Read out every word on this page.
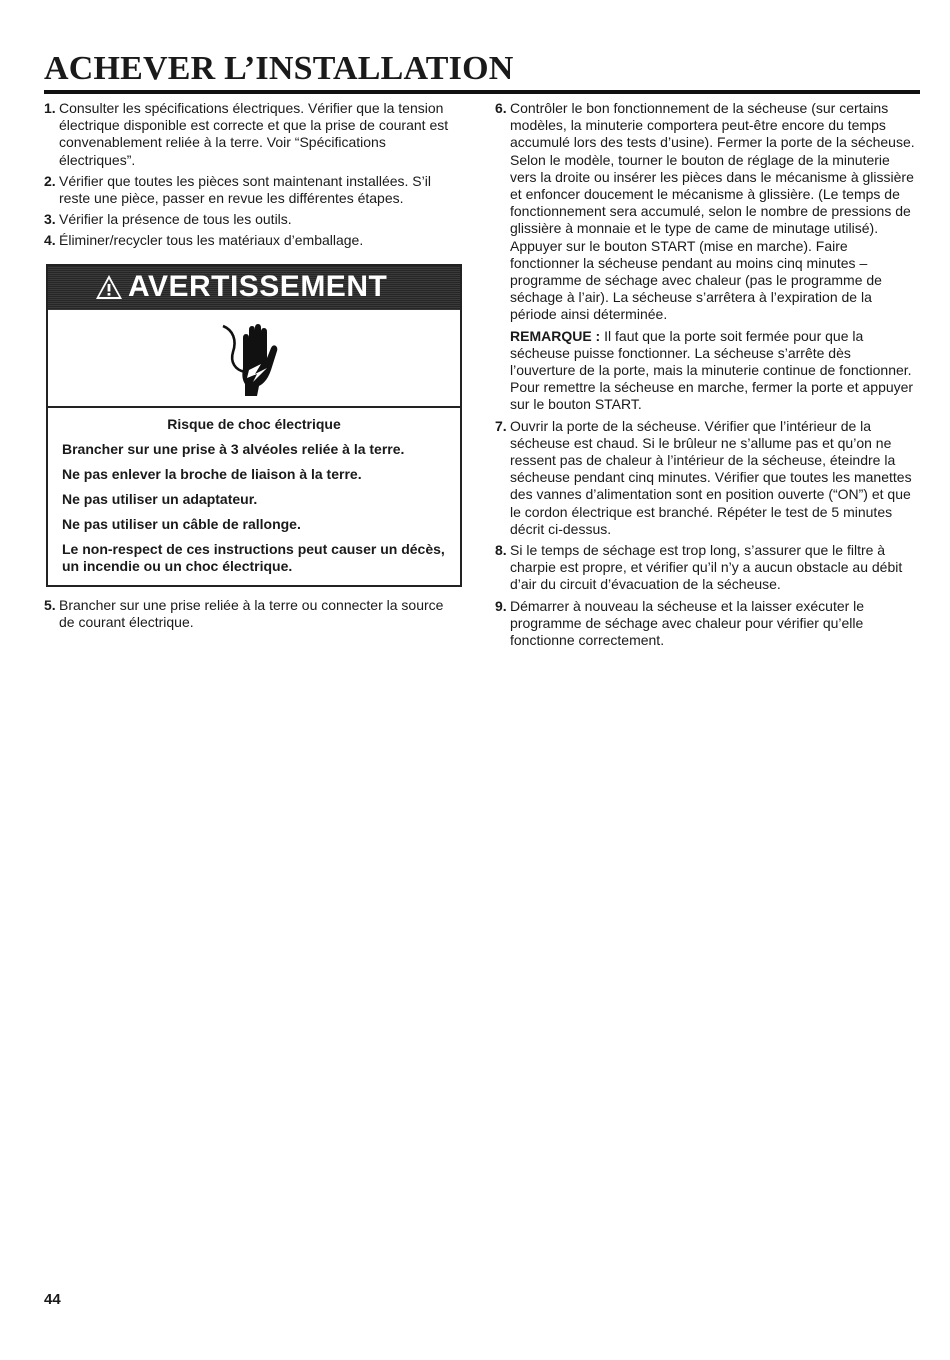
ACHEVER L’INSTALLATION
1. Consulter les spécifications électriques. Vérifier que la tension électrique disponible est correcte et que la prise de courant est convenablement reliée à la terre. Voir “Spécifications électriques”.
2. Vérifier que toutes les pièces sont maintenant installées. S’il reste une pièce, passer en revue les différentes étapes.
3. Vérifier la présence de tous les outils.
4. Éliminer/recycler tous les matériaux d’emballage.
AVERTISSEMENT
Risque de choc électrique
Brancher sur une prise à 3 alvéoles reliée à la terre.
Ne pas enlever la broche de liaison à la terre.
Ne pas utiliser un adaptateur.
Ne pas utiliser un câble de rallonge.
Le non-respect de ces instructions peut causer un décès, un incendie ou un choc électrique.
5. Brancher sur une prise reliée à la terre ou connecter la source de courant électrique.
6. Contrôler le bon fonctionnement de la sécheuse (sur certains modèles, la minuterie comportera peut-être encore du temps accumulé lors des tests d’usine). Fermer la porte de la sécheuse. Selon le modèle, tourner le bouton de réglage de la minuterie vers la droite ou insérer les pièces dans le mécanisme à glissière et enfoncer doucement le mécanisme à glissière. (Le temps de fonctionnement sera accumulé, selon le nombre de pressions de glissière à monnaie et le type de came de minutage utilisé). Appuyer sur le bouton START (mise en marche). Faire fonctionner la sécheuse pendant au moins cinq minutes – programme de séchage avec chaleur (pas le programme de séchage à l’air). La sécheuse s’arrêtera à l’expiration de la période ainsi déterminée.
REMARQUE : Il faut que la porte soit fermée pour que la sécheuse puisse fonctionner. La sécheuse s’arrête dès l’ouverture de la porte, mais la minuterie continue de fonctionner. Pour remettre la sécheuse en marche, fermer la porte et appuyer sur le bouton START.
7. Ouvrir la porte de la sécheuse. Vérifier que l’intérieur de la sécheuse est chaud. Si le brûleur ne s’allume pas et qu’on ne ressent pas de chaleur à l’intérieur de la sécheuse, éteindre la sécheuse pendant cinq minutes. Vérifier que toutes les manettes des vannes d’alimentation sont en position ouverte (“ON”) et que le cordon électrique est branché. Répéter le test de 5 minutes décrit ci-dessus.
8. Si le temps de séchage est trop long, s’assurer que le filtre à charpie est propre, et vérifier qu’il n’y a aucun obstacle au débit d’air du circuit d’évacuation de la sécheuse.
9. Démarrer à nouveau la sécheuse et la laisser exécuter le programme de séchage avec chaleur pour vérifier qu’elle fonctionne correctement.
44
